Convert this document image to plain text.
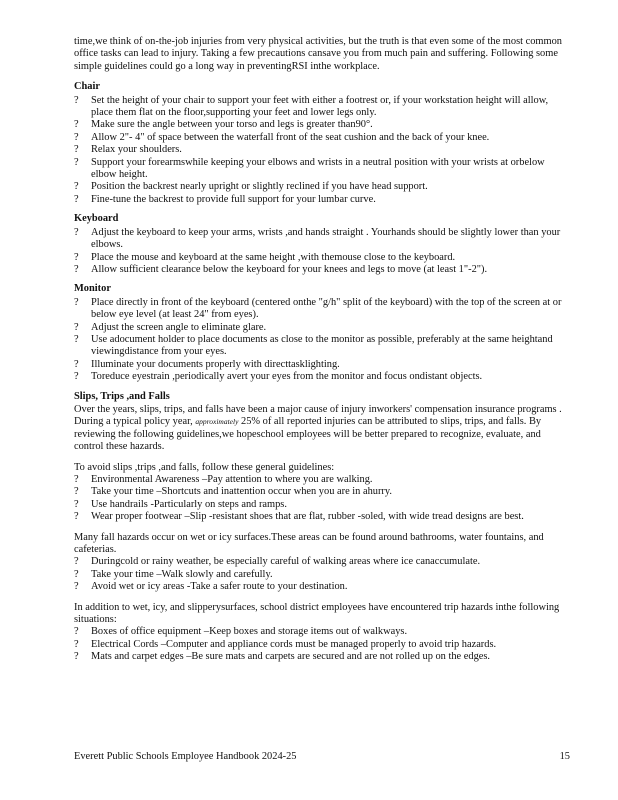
time,we think of on-the-job injuries from very physical activities, but the truth is that even some of the most common office tasks can lead to injury. Taking a few precautions cansave you from much pain and suffering. Following some simple guidelines could go a long way in preventingRSI inthe workplace.

Chair

? Set the height of your chair to support your feet with either a footrest or, if your workstation height will allow, place them flat on the floor,supporting your feet and lower legs only.
? Make sure the angle between your torso and legs is greater than90°.
? Allow 2"- 4" of space between the waterfall front of the seat cushion and the back of your knee.
? Relax your shoulders.
? Support your forearmswhile keeping your elbows and wrists in a neutral position with your wrists at orbelow elbow height.
? Position the backrest nearly upright or slightly reclined if you have head support.
? Fine-tune the backrest to provide full support for your lumbar curve.

Keyboard

? Adjust the keyboard to keep your arms, wrists ,and hands straight . Yourhands should be slightly lower than your elbows.
? Place the mouse and keyboard at the same height ,with themouse close to the keyboard.
? Allow sufficient clearance below the keyboard for your knees and legs to move (at least 1"-2").

Monitor

? Place directly in front of the keyboard (centered onthe "g/h" split of the keyboard) with the top of the screen at or below eye level (at least 24" from eyes).
? Adjust the screen angle to eliminate glare.
? Use adocument holder to place documents as close to the monitor as possible, preferably at the same heightand viewingdistance from your eyes.
? Illuminate your documents properly with directtasklighting.
? Toreduce eyestrain ,periodically avert your eyes from the monitor and focus ondistant objects.

Slips, Trips ,and Falls

Over the years, slips, trips, and falls have been a major cause of injury inworkers' compensation insurance programs . During a typical policy year, approximately 25% of all reported injuries can be attributed to slips, trips, and falls. By reviewing the following guidelines,we hopeschool employees will be better prepared to recognize, evaluate, and control these hazards.

To avoid slips ,trips ,and falls, follow these general guidelines:

? Environmental Awareness –Pay attention to where you are walking.
? Take your time –Shortcuts and inattention occur when you are in ahurry.
? Use handrails -Particularly on steps and ramps.
? Wear proper footwear –Slip -resistant shoes that are flat, rubber -soled, with wide tread designs are best.

Many fall hazards occur on wet or icy surfaces.These areas can be found around bathrooms, water fountains, and cafeterias.

? Duringcold or rainy weather, be especially careful of walking areas where ice canaccumulate.
? Take your time –Walk slowly and carefully.
? Avoid wet or icy areas -Take a safer route to your destination.

In addition to wet, icy, and slipperysurfaces, school district employees have encountered trip hazards inthe following situations:

? Boxes of office equipment –Keep boxes and storage items out of walkways.
? Electrical Cords –Computer and appliance cords must be managed properly to avoid trip hazards.
? Mats and carpet edges –Be sure mats and carpets are secured and are not rolled up on the edges.
Everett Public Schools Employee Handbook 2024-25	15
